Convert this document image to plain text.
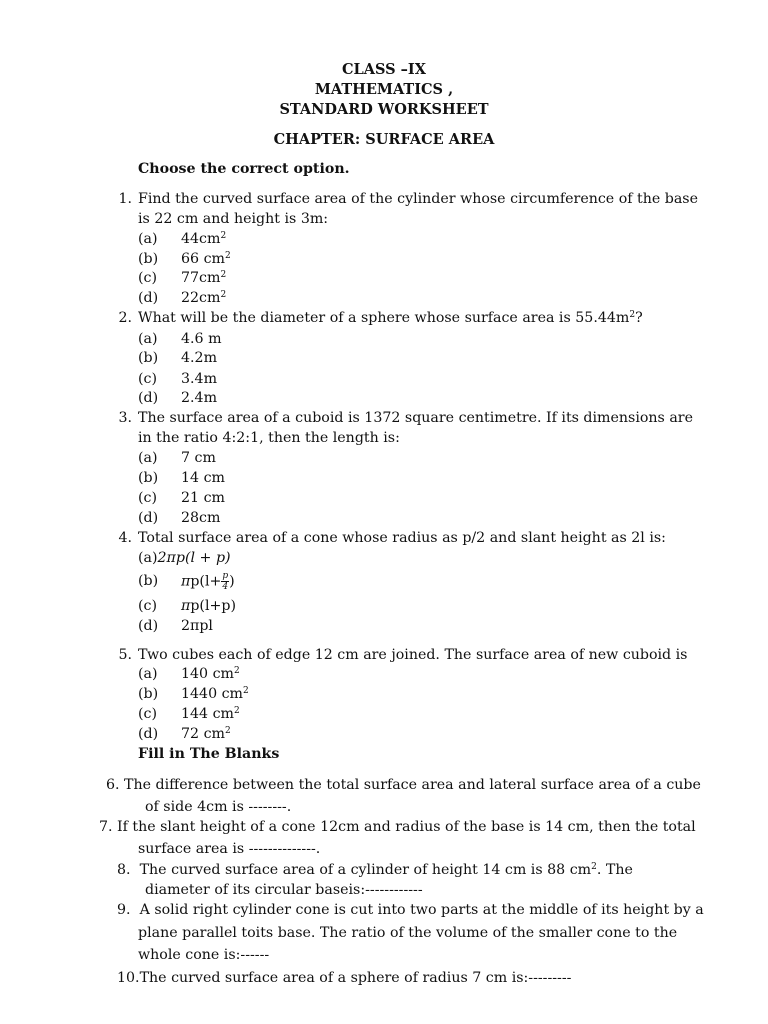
CLASS –IX
MATHEMATICS ,
STANDARD WORKSHEET
CHAPTER: SURFACE AREA
Choose the correct option.
1. Find the curved surface area of the cylinder whose circumference of the base
is 22 cm and height is 3m:
(a) $44cm^2$
(b) 66 $cm^2$
(c) $77cm^2$
(d) $22cm^2$
2. What will be the diameter of a sphere whose surface area is $55.44m^2$?
(a) 4.6 m
(b) 4.2m
(c) 3.4m
(d) 2.4m
3. The surface area of a cuboid is 1372 square centimetre. If its dimensions are
in the ratio 4:2:1, then the length is:
(a) 7 cm
(b) 14 cm
(c) 21 cm
(d) 28cm
4. Total surface area of a cone whose radius as p/2 and slant height as 2l is:
(a)2πp(l + p)
(b) $\pi p(l+ \frac{p}{4}$ )
(c) πp(l+p)
(d) 2πpl
5. Two cubes each of edge 12 cm are joined. The surface area of new cuboid is
(a) 140 $cm^2$
(b) 1440 $cm^2$
(c) 144 $cm^2$
(d) 72 $cm^2$
Fill in The Blanks
6. The difference between the total surface area and lateral surface area of a cube
of side 4cm is --------.
7. If the slant height of a cone 12cm and radius of the base is 14 cm, then the total
surface area is --------------.
8. The curved surface area of a cylinder of height 14 cm is 88 $cm^2$. The
diameter of its circular baseis:------------
9. A solid right cylinder cone is cut into two parts at the middle of its height by a
plane parallel toits base. The ratio of the volume of the smaller cone to the
whole cone is:------
10.The curved surface area of a sphere of radius 7 cm is:---------
